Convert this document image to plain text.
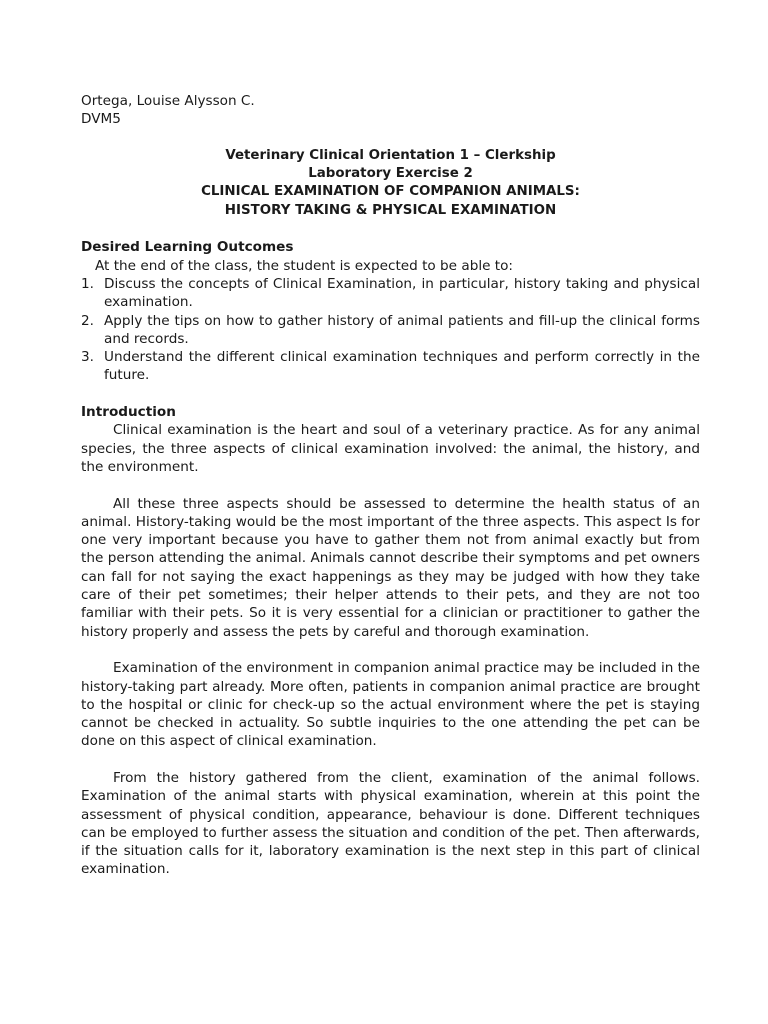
Ortega, Louise Alysson C.
DVM5
Veterinary Clinical Orientation 1 – Clerkship
Laboratory Exercise 2
CLINICAL EXAMINATION OF COMPANION ANIMALS:
HISTORY TAKING & PHYSICAL EXAMINATION
Desired Learning Outcomes
At the end of the class, the student is expected to be able to:
Discuss the concepts of Clinical Examination, in particular, history taking and physical examination.
Apply the tips on how to gather history of animal patients and fill-up the clinical forms and records.
Understand the different clinical examination techniques and perform correctly in the future.
Introduction

Clinical examination is the heart and soul of a veterinary practice. As for any animal species, the three aspects of clinical examination involved: the animal, the history, and the environment.

All these three aspects should be assessed to determine the health status of an animal. History-taking would be the most important of the three aspects. This aspect Is for one very important because you have to gather them not from animal exactly but from the person attending the animal. Animals cannot describe their symptoms and pet owners can fall for not saying the exact happenings as they may be judged with how they take care of their pet sometimes; their helper attends to their pets, and they are not too familiar with their pets. So it is very essential for a clinician or practitioner to gather the history properly and assess the pets by careful and thorough examination.

Examination of the environment in companion animal practice may be included in the history-taking part already. More often, patients in companion animal practice are brought to the hospital or clinic for check-up so the actual environment where the pet is staying cannot be checked in actuality. So subtle inquiries to the one attending the pet can be done on this aspect of clinical examination.

From the history gathered from the client, examination of the animal follows. Examination of the animal starts with physical examination, wherein at this point the assessment of physical condition, appearance, behaviour is done. Different techniques can be employed to further assess the situation and condition of the pet. Then afterwards, if the situation calls for it, laboratory examination is the next step in this part of clinical examination.
